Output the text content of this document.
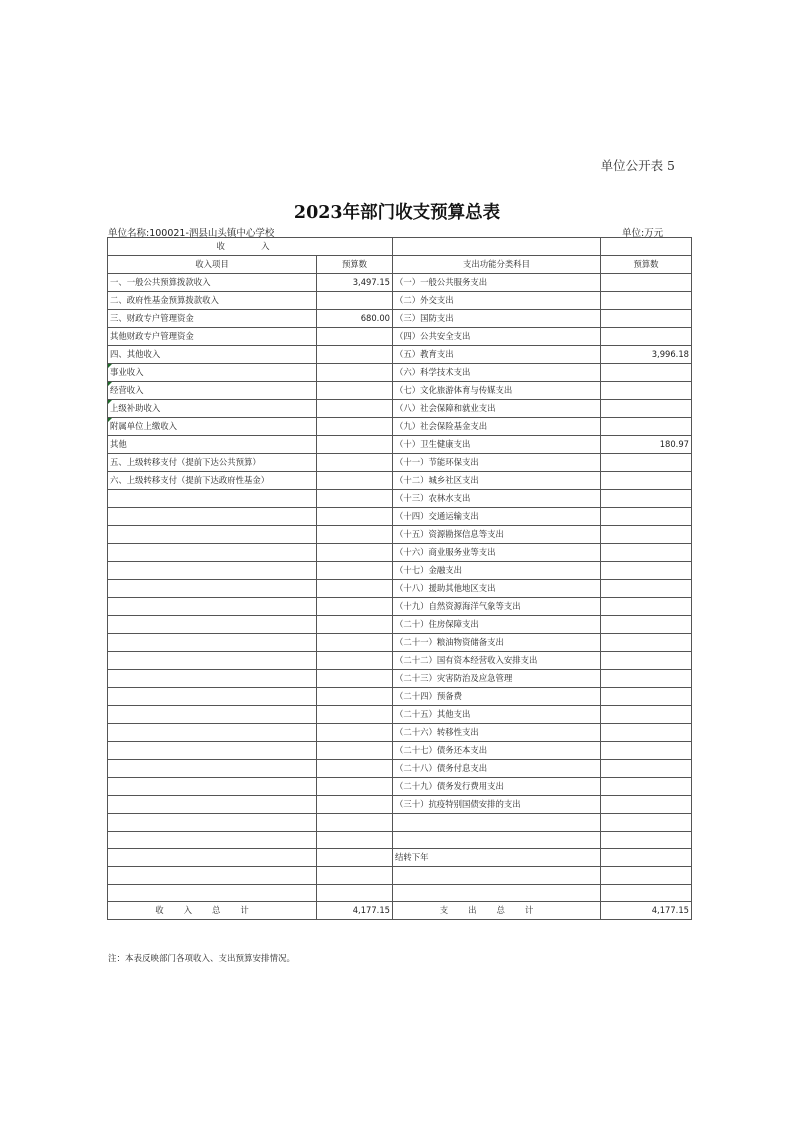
单位公开表 5
2023年部门收支预算总表
单位名称:100021-泗县山头镇中心学校	单位:万元
收　入			
收入项目	预算数	支出功能分类科目	预算数
一、一般公共预算拨款收入	3,497.15	（一）一般公共服务支出	
二、政府性基金预算拨款收入		（二）外交支出	
三、财政专户管理资金	680.00	（三）国防支出	
其他财政专户管理资金		（四）公共安全支出	
四、其他收入		（五）教育支出	3,996.18
事业收入		（六）科学技术支出	
经营收入		（七）文化旅游体育与传媒支出	
上级补助收入		（八）社会保障和就业支出	
附属单位上缴收入		（九）社会保险基金支出	
其他		（十）卫生健康支出	180.97
五、上级转移支付（提前下达公共预算）		（十一）节能环保支出	
六、上级转移支付（提前下达政府性基金）		（十二）城乡社区支出	
		（十三）农林水支出	
		（十四）交通运输支出	
		（十五）资源勘探信息等支出	
		（十六）商业服务业等支出	
		（十七）金融支出	
		（十八）援助其他地区支出	
		（十九）自然资源海洋气象等支出	
		（二十）住房保障支出	
		（二十一）粮油物资储备支出	
		（二十二）国有资本经营收入安排支出	
		（二十三）灾害防治及应急管理	
		（二十四）预备费	
		（二十五）其他支出	
		（二十六）转移性支出	
		（二十七）债务还本支出	
		（二十八）债务付息支出	
		（二十九）债务发行费用支出	
		（三十）抗疫特别国债安排的支出	

		结转下年	

收入总计	4,177.15	支出总计	4,177.15
注：本表反映部门各项收入、支出预算安排情况。
